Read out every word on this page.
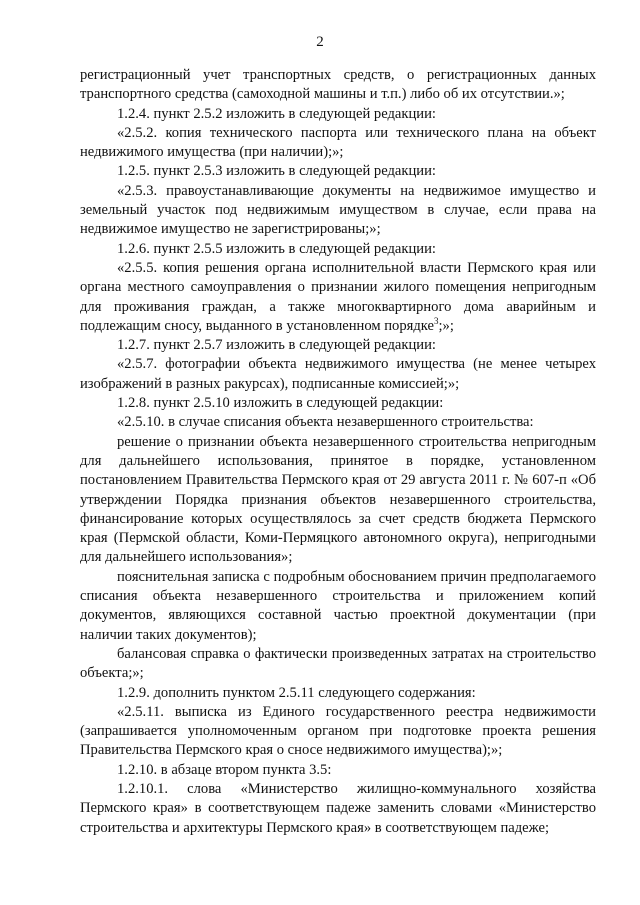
2

регистрационный учет транспортных средств, о регистрационных данных транспортного средства (самоходной машины и т.п.) либо об их отсутствии.»;

1.2.4. пункт 2.5.2 изложить в следующей редакции:

«2.5.2. копия технического паспорта или технического плана на объект недвижимого имущества (при наличии);»;

1.2.5. пункт 2.5.3 изложить в следующей редакции:

«2.5.3. правоустанавливающие документы на недвижимое имущество и земельный участок под недвижимым имуществом в случае, если права на недвижимое имущество не зарегистрированы;»;

1.2.6. пункт 2.5.5 изложить в следующей редакции:

«2.5.5. копия решения органа исполнительной власти Пермского края или органа местного самоуправления о признании жилого помещения непригодным для проживания граждан, а также многоквартирного дома аварийным и подлежащим сносу, выданного в установленном порядке$^3$;»;

1.2.7. пункт 2.5.7 изложить в следующей редакции:

«2.5.7. фотографии объекта недвижимого имущества (не менее четырех изображений в разных ракурсах), подписанные комиссией;»;

1.2.8. пункт 2.5.10 изложить в следующей редакции:

«2.5.10. в случае списания объекта незавершенного строительства:

решение о признании объекта незавершенного строительства непригодным для дальнейшего использования, принятое в порядке, установленном постановлением Правительства Пермского края от 29 августа 2011 г. № 607-п «Об утверждении Порядка признания объектов незавершенного строительства, финансирование которых осуществлялось за счет средств бюджета Пермского края (Пермской области, Коми-Пермяцкого автономного округа), непригодными для дальнейшего использования»;

пояснительная записка с подробным обоснованием причин предполагаемого списания объекта незавершенного строительства и приложением копий документов, являющихся составной частью проектной документации (при наличии таких документов);

балансовая справка о фактически произведенных затратах на строительство объекта;»;

1.2.9. дополнить пунктом 2.5.11 следующего содержания:

«2.5.11. выписка из Единого государственного реестра недвижимости (запрашивается уполномоченным органом при подготовке проекта решения Правительства Пермского края о сносе недвижимого имущества);»;

1.2.10. в абзаце втором пункта 3.5:

1.2.10.1. слова «Министерство жилищно-коммунального хозяйства Пермского края» в соответствующем падеже заменить словами «Министерство строительства и архитектуры Пермского края» в соответствующем падеже;
